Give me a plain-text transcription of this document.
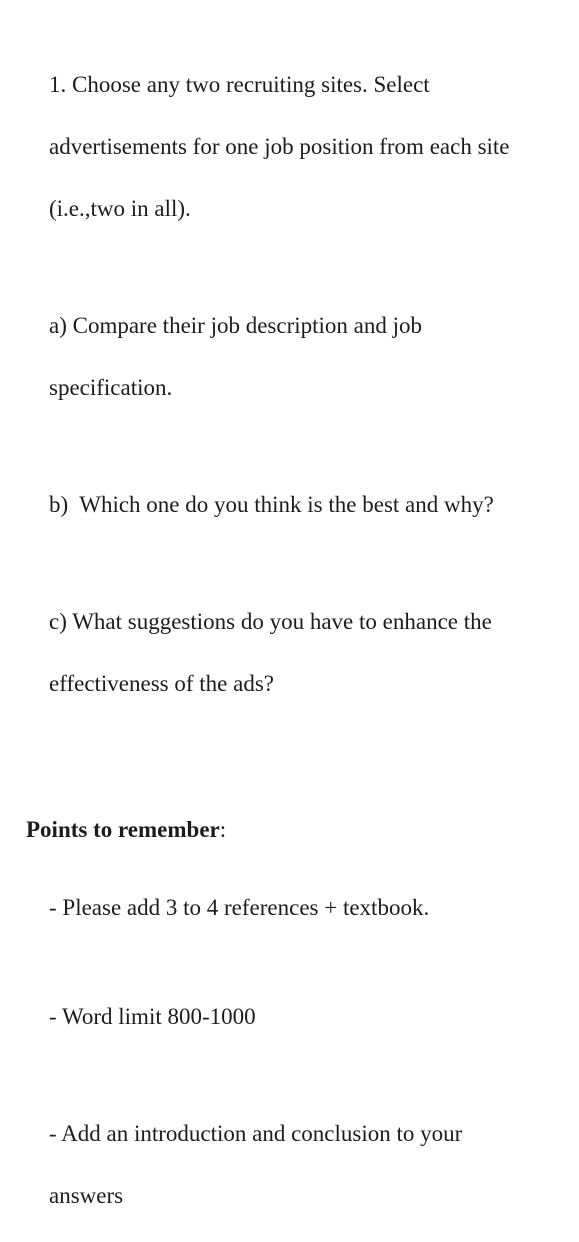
1. Choose any two recruiting sites. Select

advertisements for one job position from each site

(i.e.,two in all).

a) Compare their job description and job

specification.

b)  Which one do you think is the best and why?

c) What suggestions do you have to enhance the

effectiveness of the ads?

Points to remember:

- Please add 3 to 4 references + textbook.

- Word limit 800-1000

- Add an introduction and conclusion to your

answers
